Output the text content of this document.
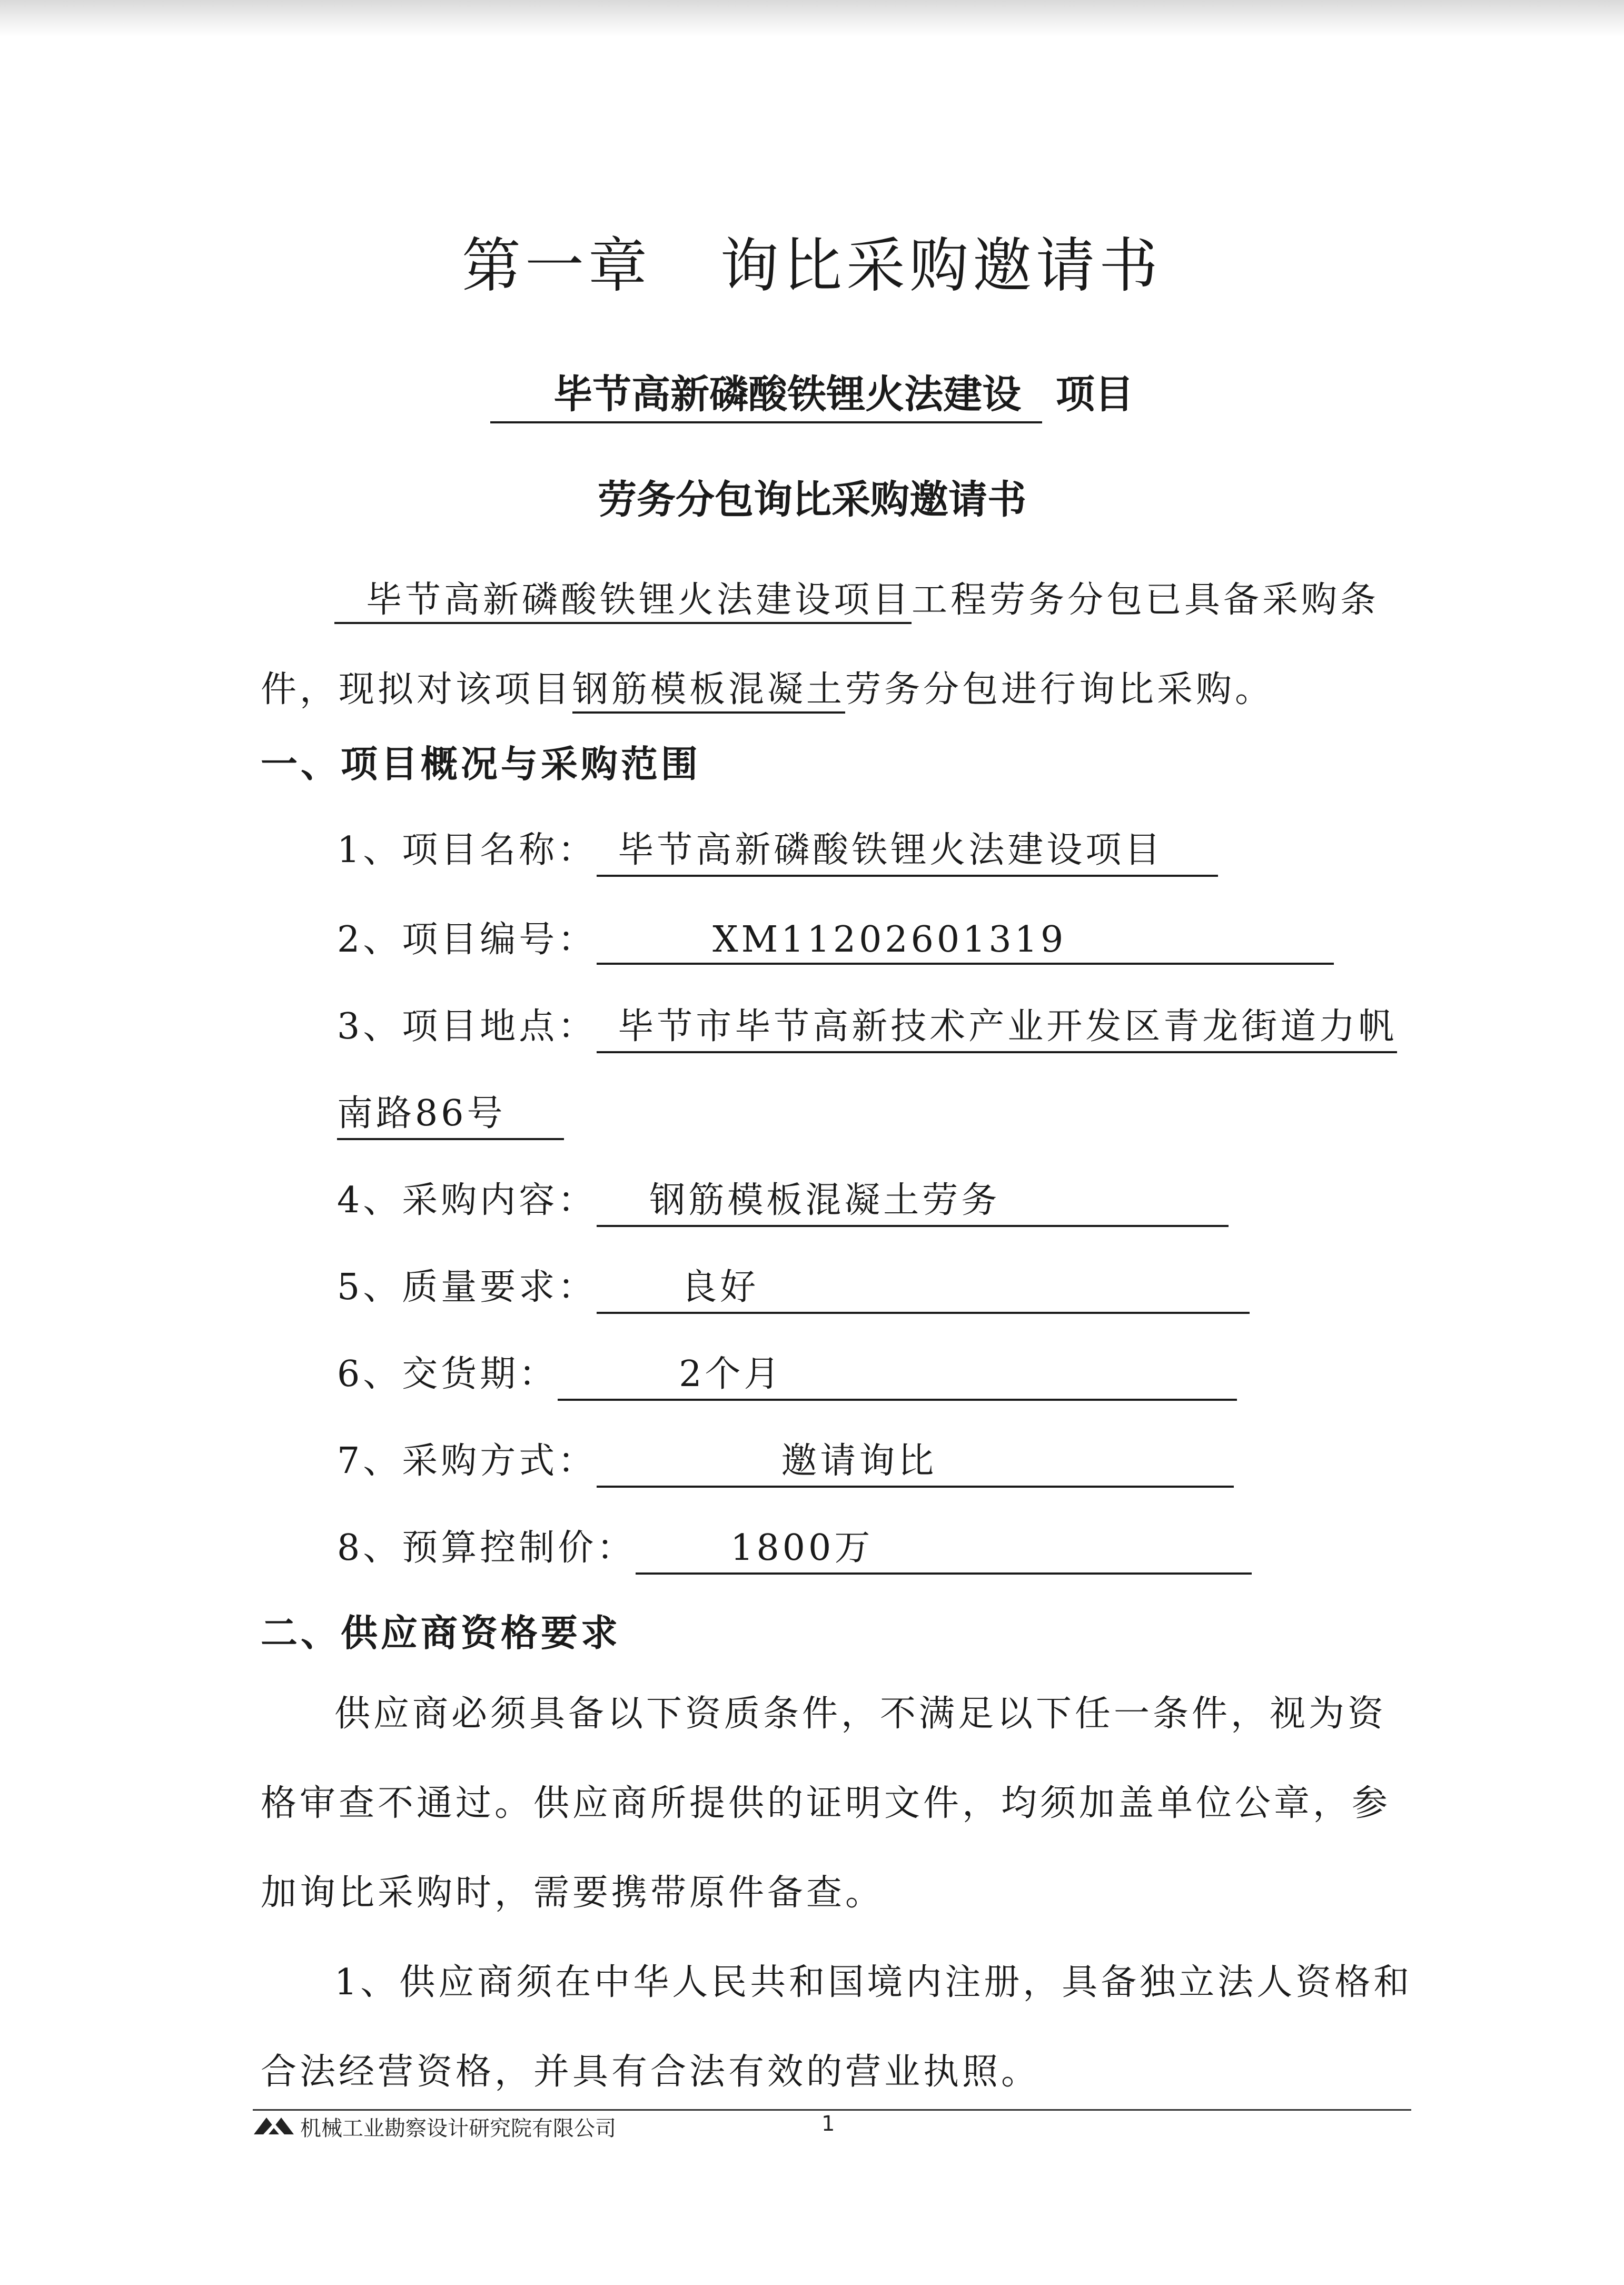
第一章 询比采购邀请书
毕节高新磷酸铁锂火法建设 项目
劳务分包询比采购邀请书
毕节高新磷酸铁锂火法建设项目工程劳务分包已具备采购条件，现拟对该项目钢筋模板混凝土劳务分包进行询比采购。
一、项目概况与采购范围
1、项目名称： 毕节高新磷酸铁锂火法建设项目
2、项目编号：	XM11202601319
3、项目地点： 毕节市毕节高新技术产业开发区青龙街道力帆
南路86号
4、采购内容： 钢筋模板混凝土劳务
5、质量要求： 良好
6、交货期：	2个月
7、采购方式：	邀请询比
8、预算控制价：	1800万
二、供应商资格要求
供应商必须具备以下资质条件，不满足以下任一条件，视为资格审查不通过。供应商所提供的证明文件，均须加盖单位公章，参加询比采购时，需要携带原件备查。
1、供应商须在中华人民共和国境内注册，具备独立法人资格和合法经营资格，并具有合法有效的营业执照。
机械工业勘察设计研究院有限公司	1
